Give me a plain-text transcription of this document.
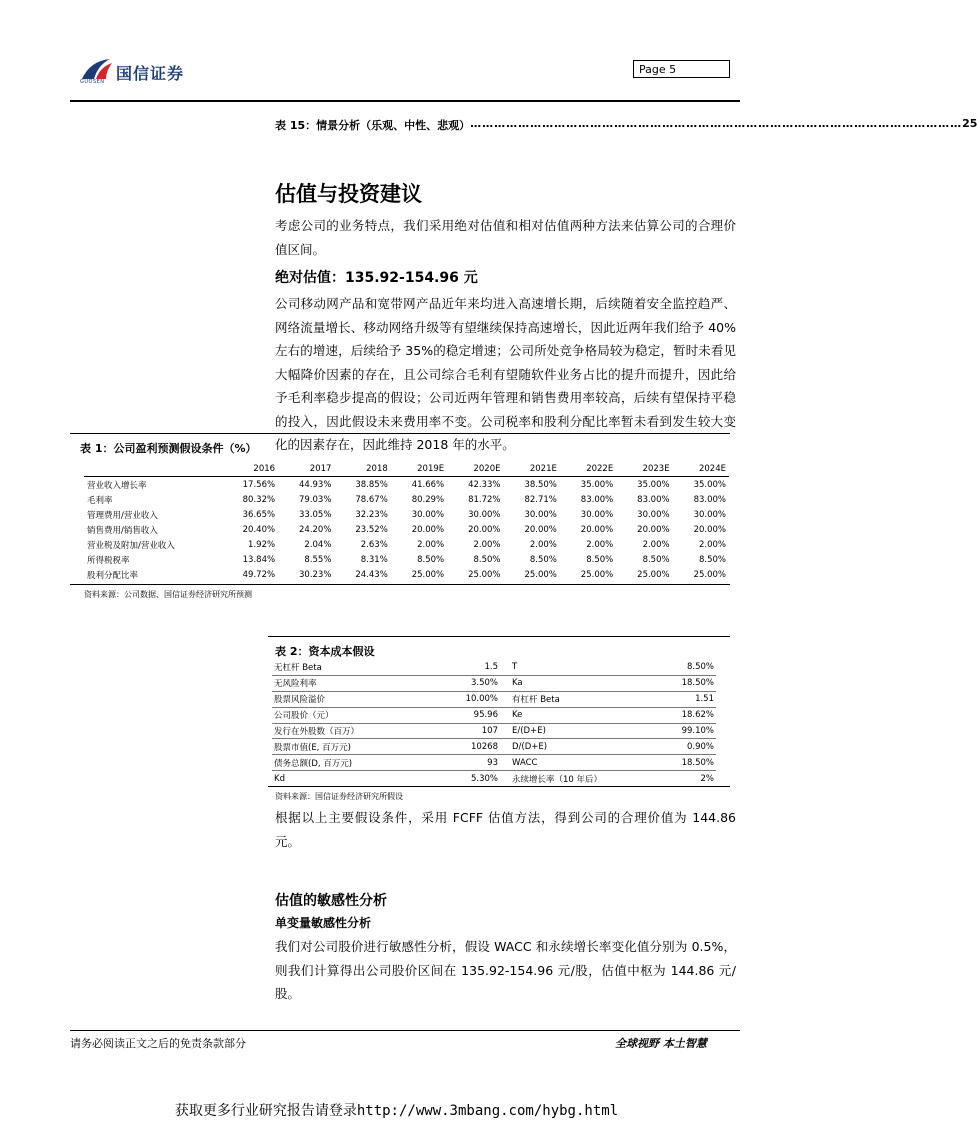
国信证券
GUOSEN
Page 5
表 15：情景分析（乐观、中性、悲观） …………………………………………………………………………………………………………… 25
估值与投资建议
考虑公司的业务特点，我们采用绝对估值和相对估值两种方法来估算公司的合理价值区间。
绝对估值：135.92-154.96 元
公司移动网产品和宽带网产品近年来均进入高速增长期，后续随着安全监控趋严、网络流量增长、移动网络升级等有望继续保持高速增长，因此近两年我们给予 40%左右的增速，后续给予 35%的稳定增速；公司所处竞争格局较为稳定，暂时未看见大幅降价因素的存在，且公司综合毛利有望随软件业务占比的提升而提升，因此给予毛利率稳步提高的假设；公司近两年管理和销售费用率较高，后续有望保持平稳的投入，因此假设未来费用率不变。公司税率和股利分配比率暂未看到发生较大变化的因素存在，因此维持 2018 年的水平。
表 1：公司盈利预测假设条件（%）
	2016	2017	2018	2019E	2020E	2021E	2022E	2023E	2024E
营业收入增长率	17.56%	44.93%	38.85%	41.66%	42.33%	38.50%	35.00%	35.00%	35.00%
毛利率	80.32%	79.03%	78.67%	80.29%	81.72%	82.71%	83.00%	83.00%	83.00%
管理费用/营业收入	36.65%	33.05%	32.23%	30.00%	30.00%	30.00%	30.00%	30.00%	30.00%
销售费用/销售收入	20.40%	24.20%	23.52%	20.00%	20.00%	20.00%	20.00%	20.00%	20.00%
营业税及附加/营业收入	1.92%	2.04%	2.63%	2.00%	2.00%	2.00%	2.00%	2.00%	2.00%
所得税税率	13.84%	8.55%	8.31%	8.50%	8.50%	8.50%	8.50%	8.50%	8.50%
股利分配比率	49.72%	30.23%	24.43%	25.00%	25.00%	25.00%	25.00%	25.00%	25.00%
资料来源：公司数据、国信证券经济研究所预测
表 2：资本成本假设
无杠杆 Beta	1.5	T	8.50%
无风险利率	3.50%	Ka	18.50%
股票风险溢价	10.00%	有杠杆 Beta	1.51
公司股价（元）	95.96	Ke	18.62%
发行在外股数（百万）	107	E/(D+E)	99.10%
股票市值(E, 百万元)	10268	D/(D+E)	0.90%
债务总额(D, 百万元)	93	WACC	18.50%
Kd	5.30%	永续增长率（10 年后）	2%
资料来源：国信证券经济研究所假设
根据以上主要假设条件，采用 FCFF 估值方法，得到公司的合理价值为 144.86 元。
估值的敏感性分析
单变量敏感性分析
我们对公司股价进行敏感性分析，假设 WACC 和永续增长率变化值分别为 0.5%，则我们计算得出公司股价区间在 135.92-154.96 元/股，估值中枢为 144.86 元/股。
请务必阅读正文之后的免责条款部分	全球视野 本土智慧
获取更多行业研究报告请登录http://www.3mbang.com/hybg.html
